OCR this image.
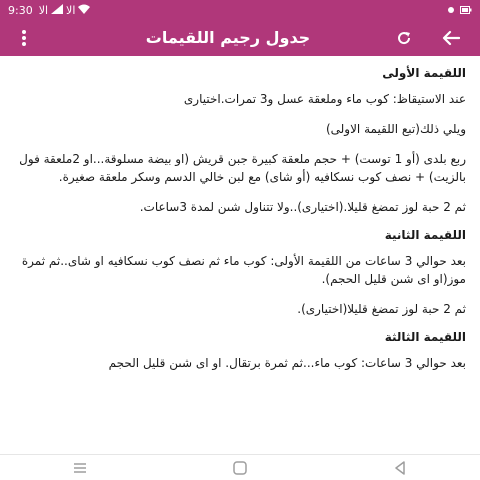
9:30 الا الا
جدول رجيم اللقيمات
اللقيمة الأولى

عند الاستيقاظ: كوب ماء وملعقة عسل و3 تمرات.اختيارى

ويلي ذلك(تبع اللقيمة الاولى)

ربع بلدى (أو 1 توست) + حجم ملعقة كبيرة جبن قريش (او بيضة مسلوقة...او 2ملعقة فول بالزيت) + نصف كوب نسكافيه (أو شاى) مع لبن خالي الدسم وسكر ملعقة صغيرة.

ثم 2 حبة لوز تمضغ قليلا.(اختيارى)..ولا تتناول شىن لمدة 3ساعات.

اللقيمة الثانية

بعد حوالي 3 ساعات من اللقيمة الأولى: كوب ماء ثم نصف كوب نسكافيه او شاى..ثم ثمرة موز(او اى شىن قليل الحجم).

ثم 2 حبة لوز تمضغ قليلا(اختيارى).

اللقيمة الثالثة

بعد حوالي 3 ساعات: كوب ماء...ثم ثمرة برتقال. او اى شىن قليل الحجم
